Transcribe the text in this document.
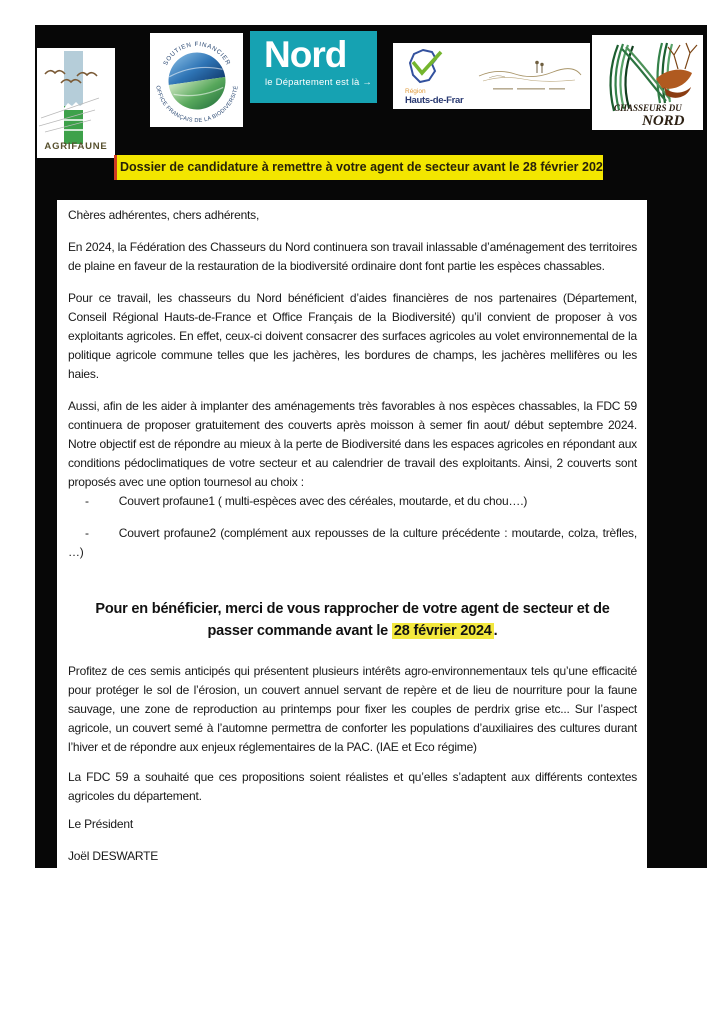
AGRIFAUNE
SOUTIEN FINANCIER
OFFICE FRANÇAIS DE LA BIODIVERSITÉ
Nord
le Département est là →
Région
Hauts-de-Frar
CHASSEURS DU
NORD
Dossier de candidature à remettre à votre agent de secteur avant le 28 février 202

Chères adhérentes, chers adhérents,

En 2024, la Fédération des Chasseurs du Nord continuera son travail inlassable d’aménagement des territoires de plaine en faveur de la restauration de la biodiversité ordinaire dont font partie les espèces chassables.

Pour ce travail, les chasseurs du Nord bénéficient d’aides financières de nos partenaires (Département, Conseil Régional Hauts-de-France et Office Français de la Biodiversité) qu’il convient de proposer à vos exploitants agricoles. En effet, ceux-ci doivent consacrer des surfaces agricoles au volet environnemental de la politique agricole commune telles que les jachères, les bordures de champs, les jachères mellifères ou les haies.

Aussi, afin de les aider à implanter des aménagements très favorables à nos espèces chassables, la FDC 59 continuera de proposer gratuitement des couverts après moisson à semer fin aout/ début septembre 2024. Notre objectif est de répondre au mieux à la perte de Biodiversité dans les espaces agricoles en répondant aux conditions pédoclimatiques de votre secteur et au calendrier de travail des exploitants. Ainsi, 2 couverts sont proposés avec une option tournesol au choix :

-	Couvert profaune1 ( multi-espèces avec des céréales, moutarde, et du chou….)

-	Couvert profaune2 (complément aux repousses de la culture précédente : moutarde, colza, trèfles, …)

Pour en bénéficier, merci de vous rapprocher de votre agent de secteur et de
passer commande avant le 28 février 2024 .

Profitez de ces semis anticipés qui présentent plusieurs intérêts agro-environnementaux tels qu’une efficacité pour protéger le sol de l’érosion, un couvert annuel servant de repère et de lieu de nourriture pour la faune sauvage, une zone de reproduction au printemps pour fixer les couples de perdrix grise etc... Sur l’aspect agricole, un couvert semé à l’automne permettra de conforter les populations d’auxiliaires des cultures durant l’hiver et de répondre aux enjeux réglementaires de la PAC. (IAE et Eco régime)

La FDC 59 a souhaité que ces propositions soient réalistes et qu’elles s’adaptent aux différents contextes agricoles du département.

Le Président

Joël DESWARTE
